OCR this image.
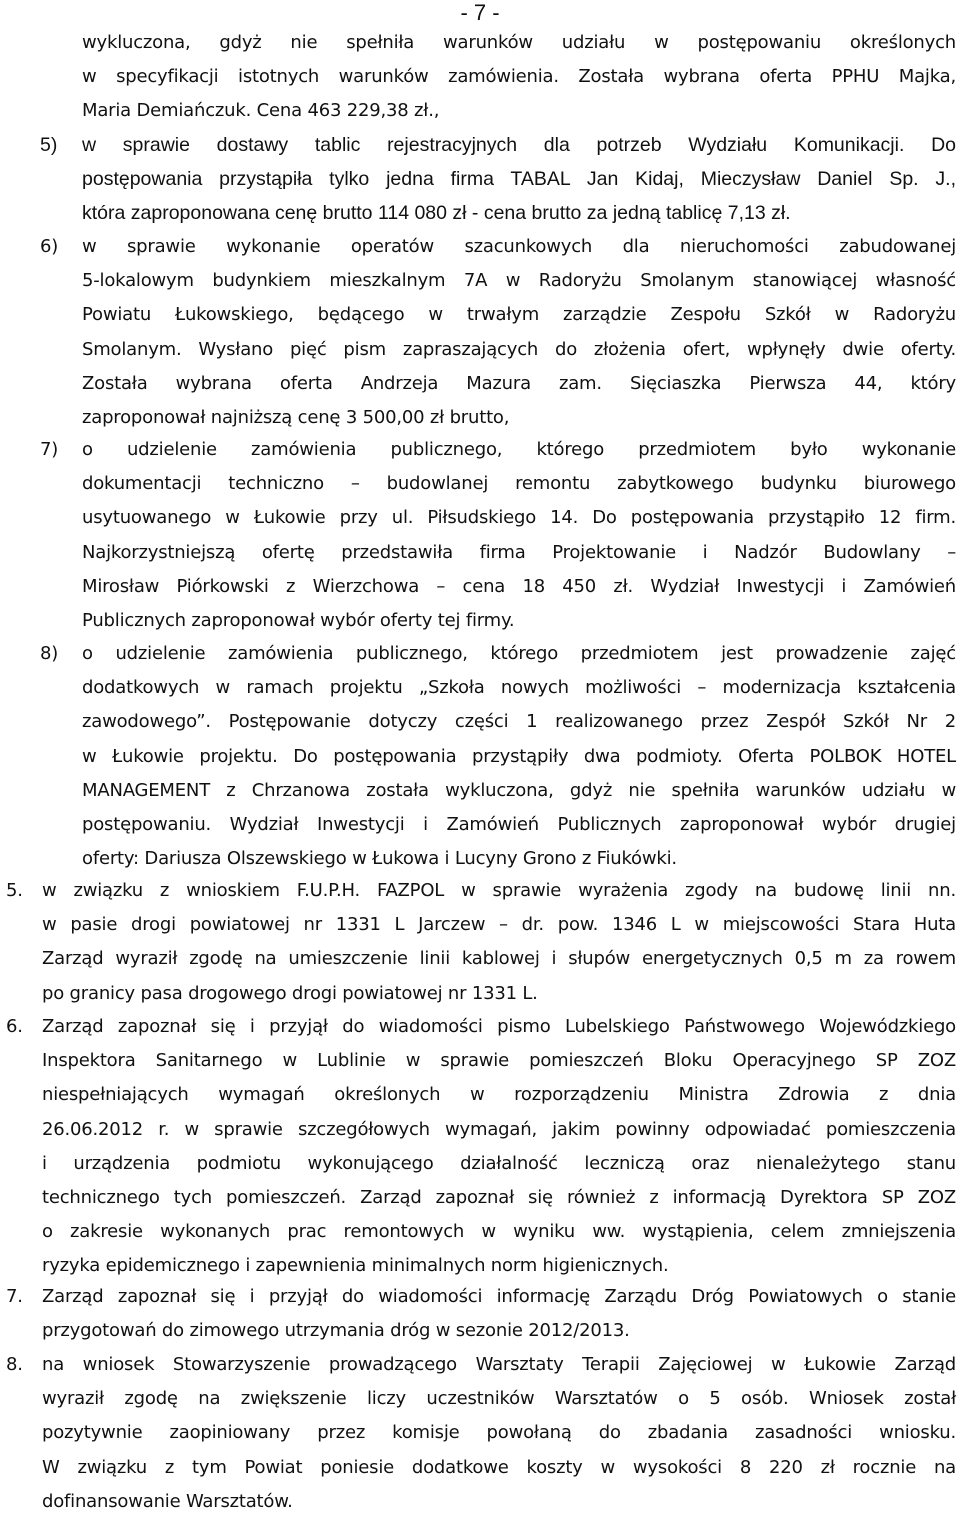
- 7 -
wykluczona, gdyż nie spełniła warunków udziału w postępowaniu określonych
w specyfikacji istotnych warunków zamówienia. Została wybrana oferta PPHU Majka,
Maria Demiańczuk. Cena 463 229,38 zł.,
5) w sprawie dostawy tablic rejestracyjnych dla potrzeb Wydziału Komunikacji. Do
postępowania przystąpiła tylko jedna firma TABAL Jan Kidaj, Mieczysław Daniel Sp. J.,
która zaproponowana cenę brutto 114 080 zł - cena brutto za jedną tablicę 7,13 zł.
6) w sprawie wykonanie operatów szacunkowych dla nieruchomości zabudowanej
5-lokalowym budynkiem mieszkalnym 7A w Radoryżu Smolanym stanowiącej własność
Powiatu Łukowskiego, będącego w trwałym zarządzie Zespołu Szkół w Radoryżu
Smolanym. Wysłano pięć pism zapraszających do złożenia ofert, wpłynęły dwie oferty.
Została wybrana oferta Andrzeja Mazura zam. Sięciaszka Pierwsza 44, który
zaproponował najniższą cenę 3 500,00 zł brutto,
7) o udzielenie zamówienia publicznego, którego przedmiotem było wykonanie
dokumentacji techniczno – budowlanej remontu zabytkowego budynku biurowego
usytuowanego w Łukowie przy ul. Piłsudskiego 14. Do postępowania przystąpiło 12 firm.
Najkorzystniejszą ofertę przedstawiła firma Projektowanie i Nadzór Budowlany –
Mirosław Piórkowski z Wierzchowa – cena 18 450 zł. Wydział Inwestycji i Zamówień
Publicznych zaproponował wybór oferty tej firmy.
8) o udzielenie zamówienia publicznego, którego przedmiotem jest prowadzenie zajęć
dodatkowych w ramach projektu „Szkoła nowych możliwości – modernizacja kształcenia
zawodowego”. Postępowanie dotyczy części 1 realizowanego przez Zespół Szkół Nr 2
w Łukowie projektu. Do postępowania przystąpiły dwa podmioty. Oferta POLBOK HOTEL
MANAGEMENT z Chrzanowa została wykluczona, gdyż nie spełniła warunków udziału w
postępowaniu. Wydział Inwestycji i Zamówień Publicznych zaproponował wybór drugiej
oferty: Dariusza Olszewskiego w Łukowa i Lucyny Grono z Fiukówki.
5. w związku z wnioskiem F.U.P.H. FAZPOL w sprawie wyrażenia zgody na budowę linii nn.
w pasie drogi powiatowej nr 1331 L Jarczew – dr. pow. 1346 L w miejscowości Stara Huta
Zarząd wyraził zgodę na umieszczenie linii kablowej i słupów energetycznych 0,5 m za rowem
po granicy pasa drogowego drogi powiatowej nr 1331 L.
6. Zarząd zapoznał się i przyjął do wiadomości pismo Lubelskiego Państwowego Wojewódzkiego
Inspektora Sanitarnego w Lublinie w sprawie pomieszczeń Bloku Operacyjnego SP ZOZ
niespełniających wymagań określonych w rozporządzeniu Ministra Zdrowia z dnia
26.06.2012 r. w sprawie szczegółowych wymagań, jakim powinny odpowiadać pomieszczenia
i urządzenia podmiotu wykonującego działalność leczniczą oraz nienależytego stanu
technicznego tych pomieszczeń. Zarząd zapoznał się również z informacją Dyrektora SP ZOZ
o zakresie wykonanych prac remontowych w wyniku ww. wystąpienia, celem zmniejszenia
ryzyka epidemicznego i zapewnienia minimalnych norm higienicznych.
7. Zarząd zapoznał się i przyjął do wiadomości informację Zarządu Dróg Powiatowych o stanie
przygotowań do zimowego utrzymania dróg w sezonie 2012/2013.
8. na wniosek Stowarzyszenie prowadzącego Warsztaty Terapii Zajęciowej w Łukowie Zarząd
wyraził zgodę na zwiększenie liczy uczestników Warsztatów o 5 osób. Wniosek został
pozytywnie zaopiniowany przez komisje powołaną do zbadania zasadności wniosku.
W związku z tym Powiat poniesie dodatkowe koszty w wysokości 8 220 zł rocznie na
dofinansowanie Warsztatów.
